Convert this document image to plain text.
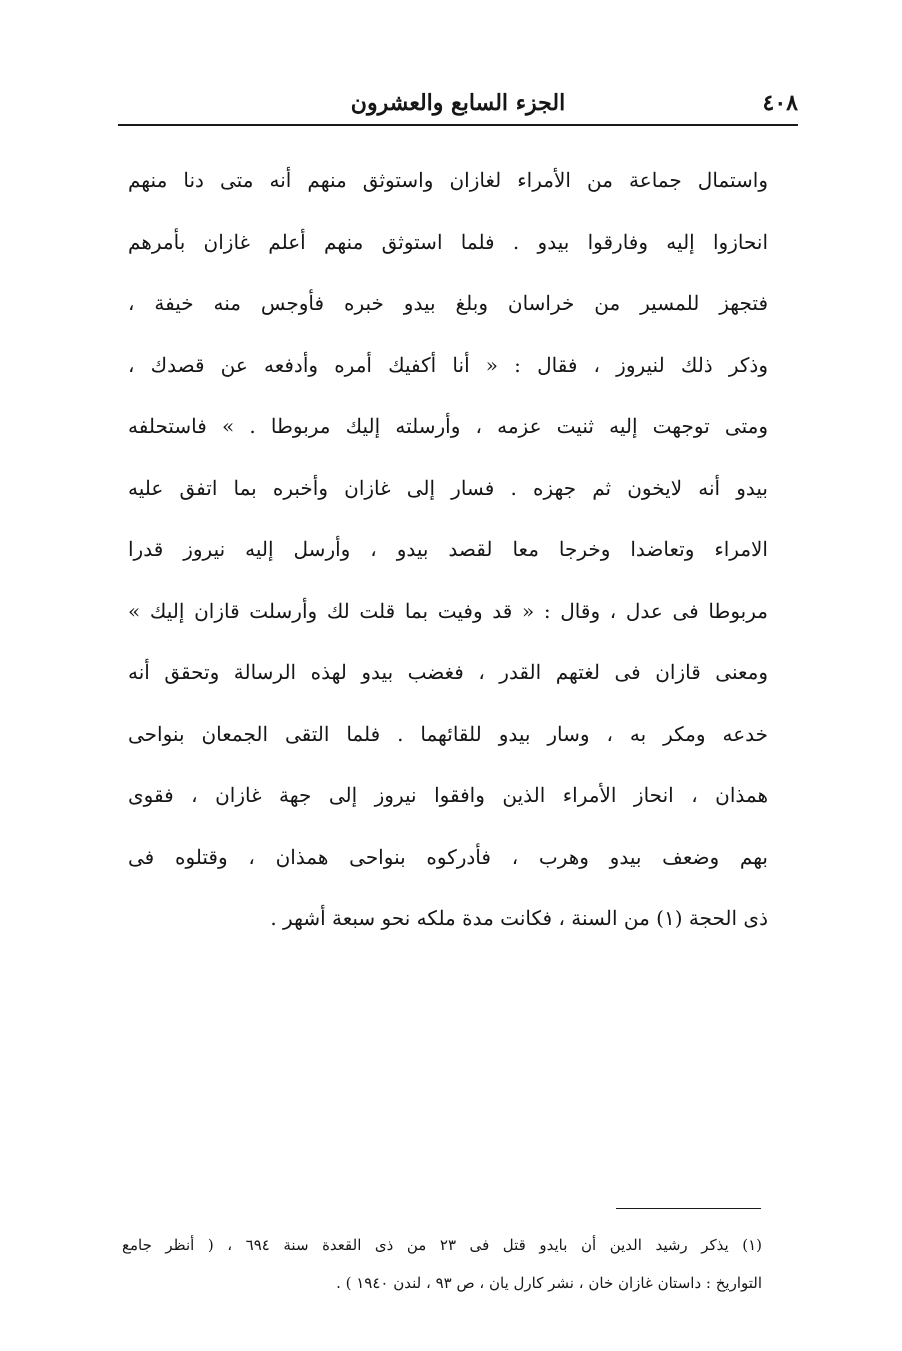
٤٠٨
الجزء السابع والعشرون
واستمال جماعة من الأمراء لغازان واستوثق منهم أنه متى دنا منهم
انحازوا إليه وفارقوا بيدو . فلما استوثق منهم أعلم غازان بأمرهم
فتجهز للمسير من خراسان وبلغ بيدو خبره فأوجس منه خيفة ،
وذكر ذلك لنيروز ، فقال : « أنا أكفيك أمره وأدفعه عن قصدك ،
ومتى توجهت إليه ثنيت عزمه ، وأرسلته إليك مربوطا . » فاستحلفه
بيدو أنه لايخون ثم جهزه . فسار إلى غازان وأخبره بما اتفق عليه
الامراء وتعاضدا وخرجا معا لقصد بيدو ، وأرسل إليه نيروز قدرا
مربوطا فى عدل ، وقال : « قد وفيت بما قلت لك وأرسلت قازان إليك »
ومعنى قازان فى لغتهم القدر ، فغضب بيدو لهذه الرسالة وتحقق أنه
خدعه ومكر به ، وسار بيدو للقائهما . فلما التقى الجمعان بنواحى
همذان ، انحاز الأمراء الذين وافقوا نيروز إلى جهة غازان ، فقوى
بهم وضعف بيدو وهرب ، فأدركوه بنواحى همذان ، وقتلوه فى
ذى الحجة (١) من السنة ، فكانت مدة ملكه نحو سبعة أشهر .
(١) يذكر رشيد الدين أن بايدو قتل فى ٢٣ من ذى القعدة سنة ٦٩٤ ، ( أنظر جامع
التواريخ : داستان غازان خان ، نشر كارل يان ، ص ٩٣ ، لندن ١٩٤٠ ) .
